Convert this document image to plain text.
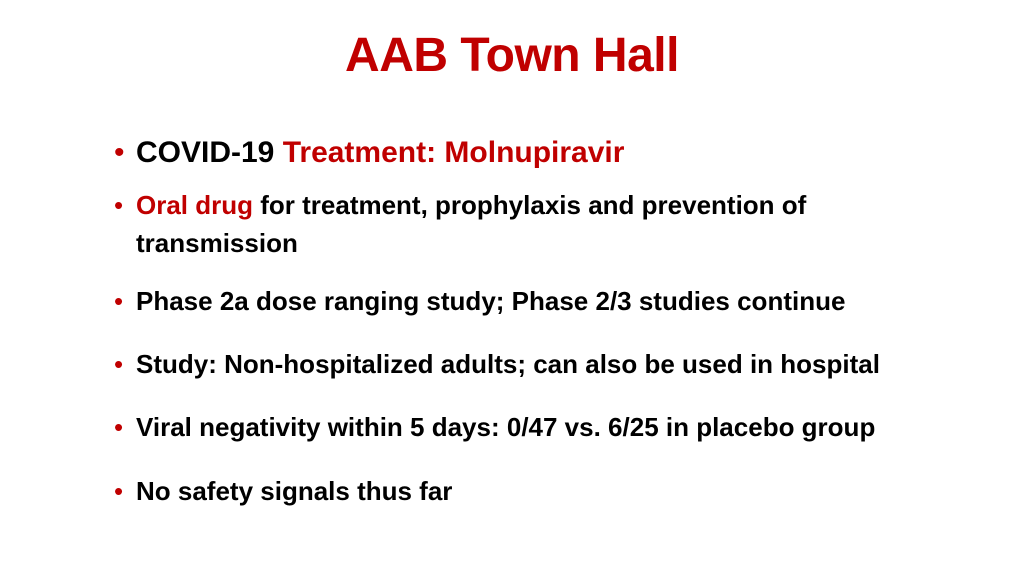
AAB Town Hall
• COVID-19 Treatment: Molnupiravir
• Oral drug for treatment, prophylaxis and prevention of transmission
• Phase 2a dose ranging study; Phase 2/3 studies continue
• Study: Non-hospitalized adults; can also be used in hospital
• Viral negativity within 5 days: 0/47 vs. 6/25 in placebo group
• No safety signals thus far
